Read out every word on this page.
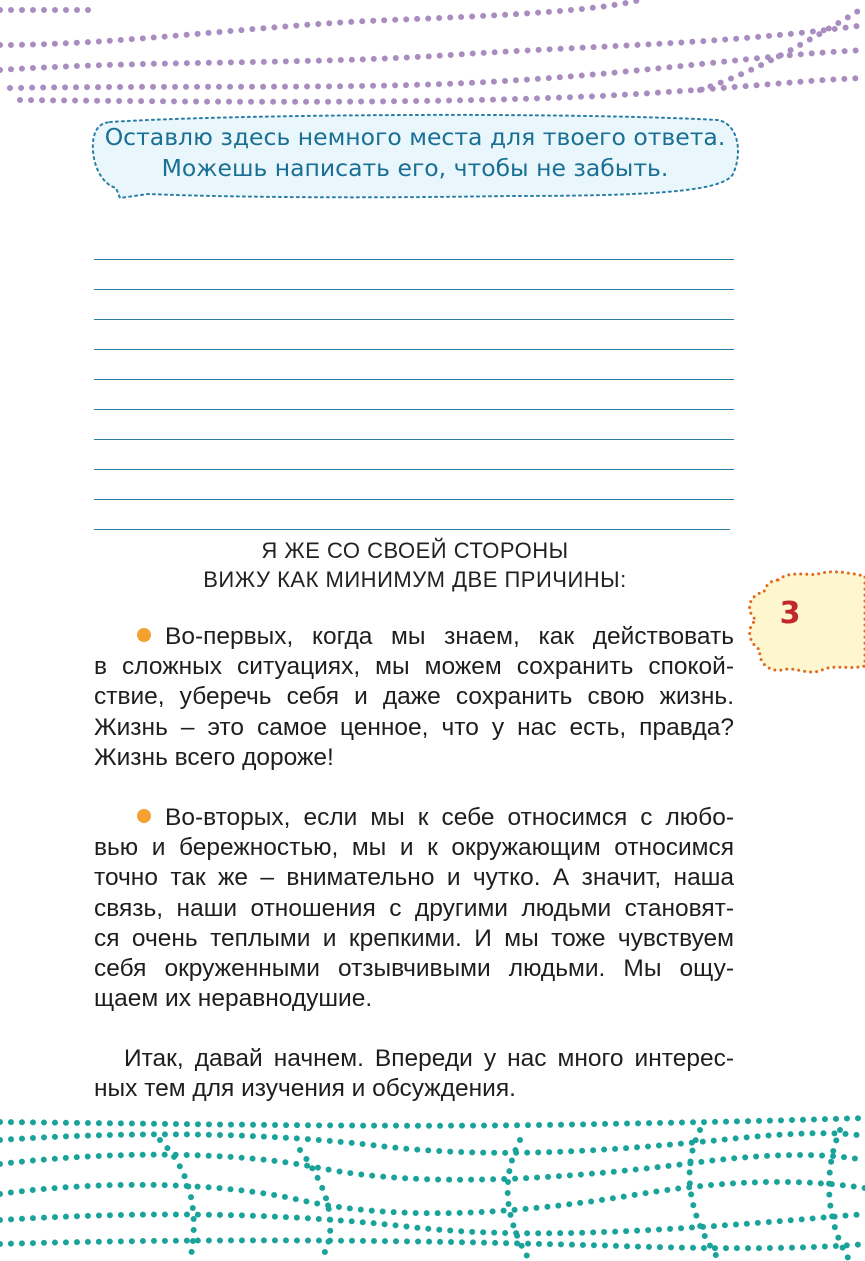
Оставлю здесь немного места для твоего ответа.
Можешь написать его, чтобы не забыть.
Я ЖЕ СО СВОЕЙ СТОРОНЫ
ВИЖУ КАК МИНИМУМ ДВЕ ПРИЧИНЫ:
Во-первых, когда мы знаем, как действовать
в сложных ситуациях, мы можем сохранить спокой-
ствие, уберечь себя и даже сохранить свою жизнь.
Жизнь – это самое ценное, что у нас есть, правда?
Жизнь всего дороже!
Во-вторых, если мы к себе относимся с любо-
вью и бережностью, мы и к окружающим относимся
точно так же – внимательно и чутко. А значит, наша
связь, наши отношения с другими людьми становят-
ся очень теплыми и крепкими. И мы тоже чувствуем
себя окруженными отзывчивыми людьми. Мы ощу-
щаем их неравнодушие.
Итак, давай начнем. Впереди у нас много интерес-
ных тем для изучения и обсуждения.
3
